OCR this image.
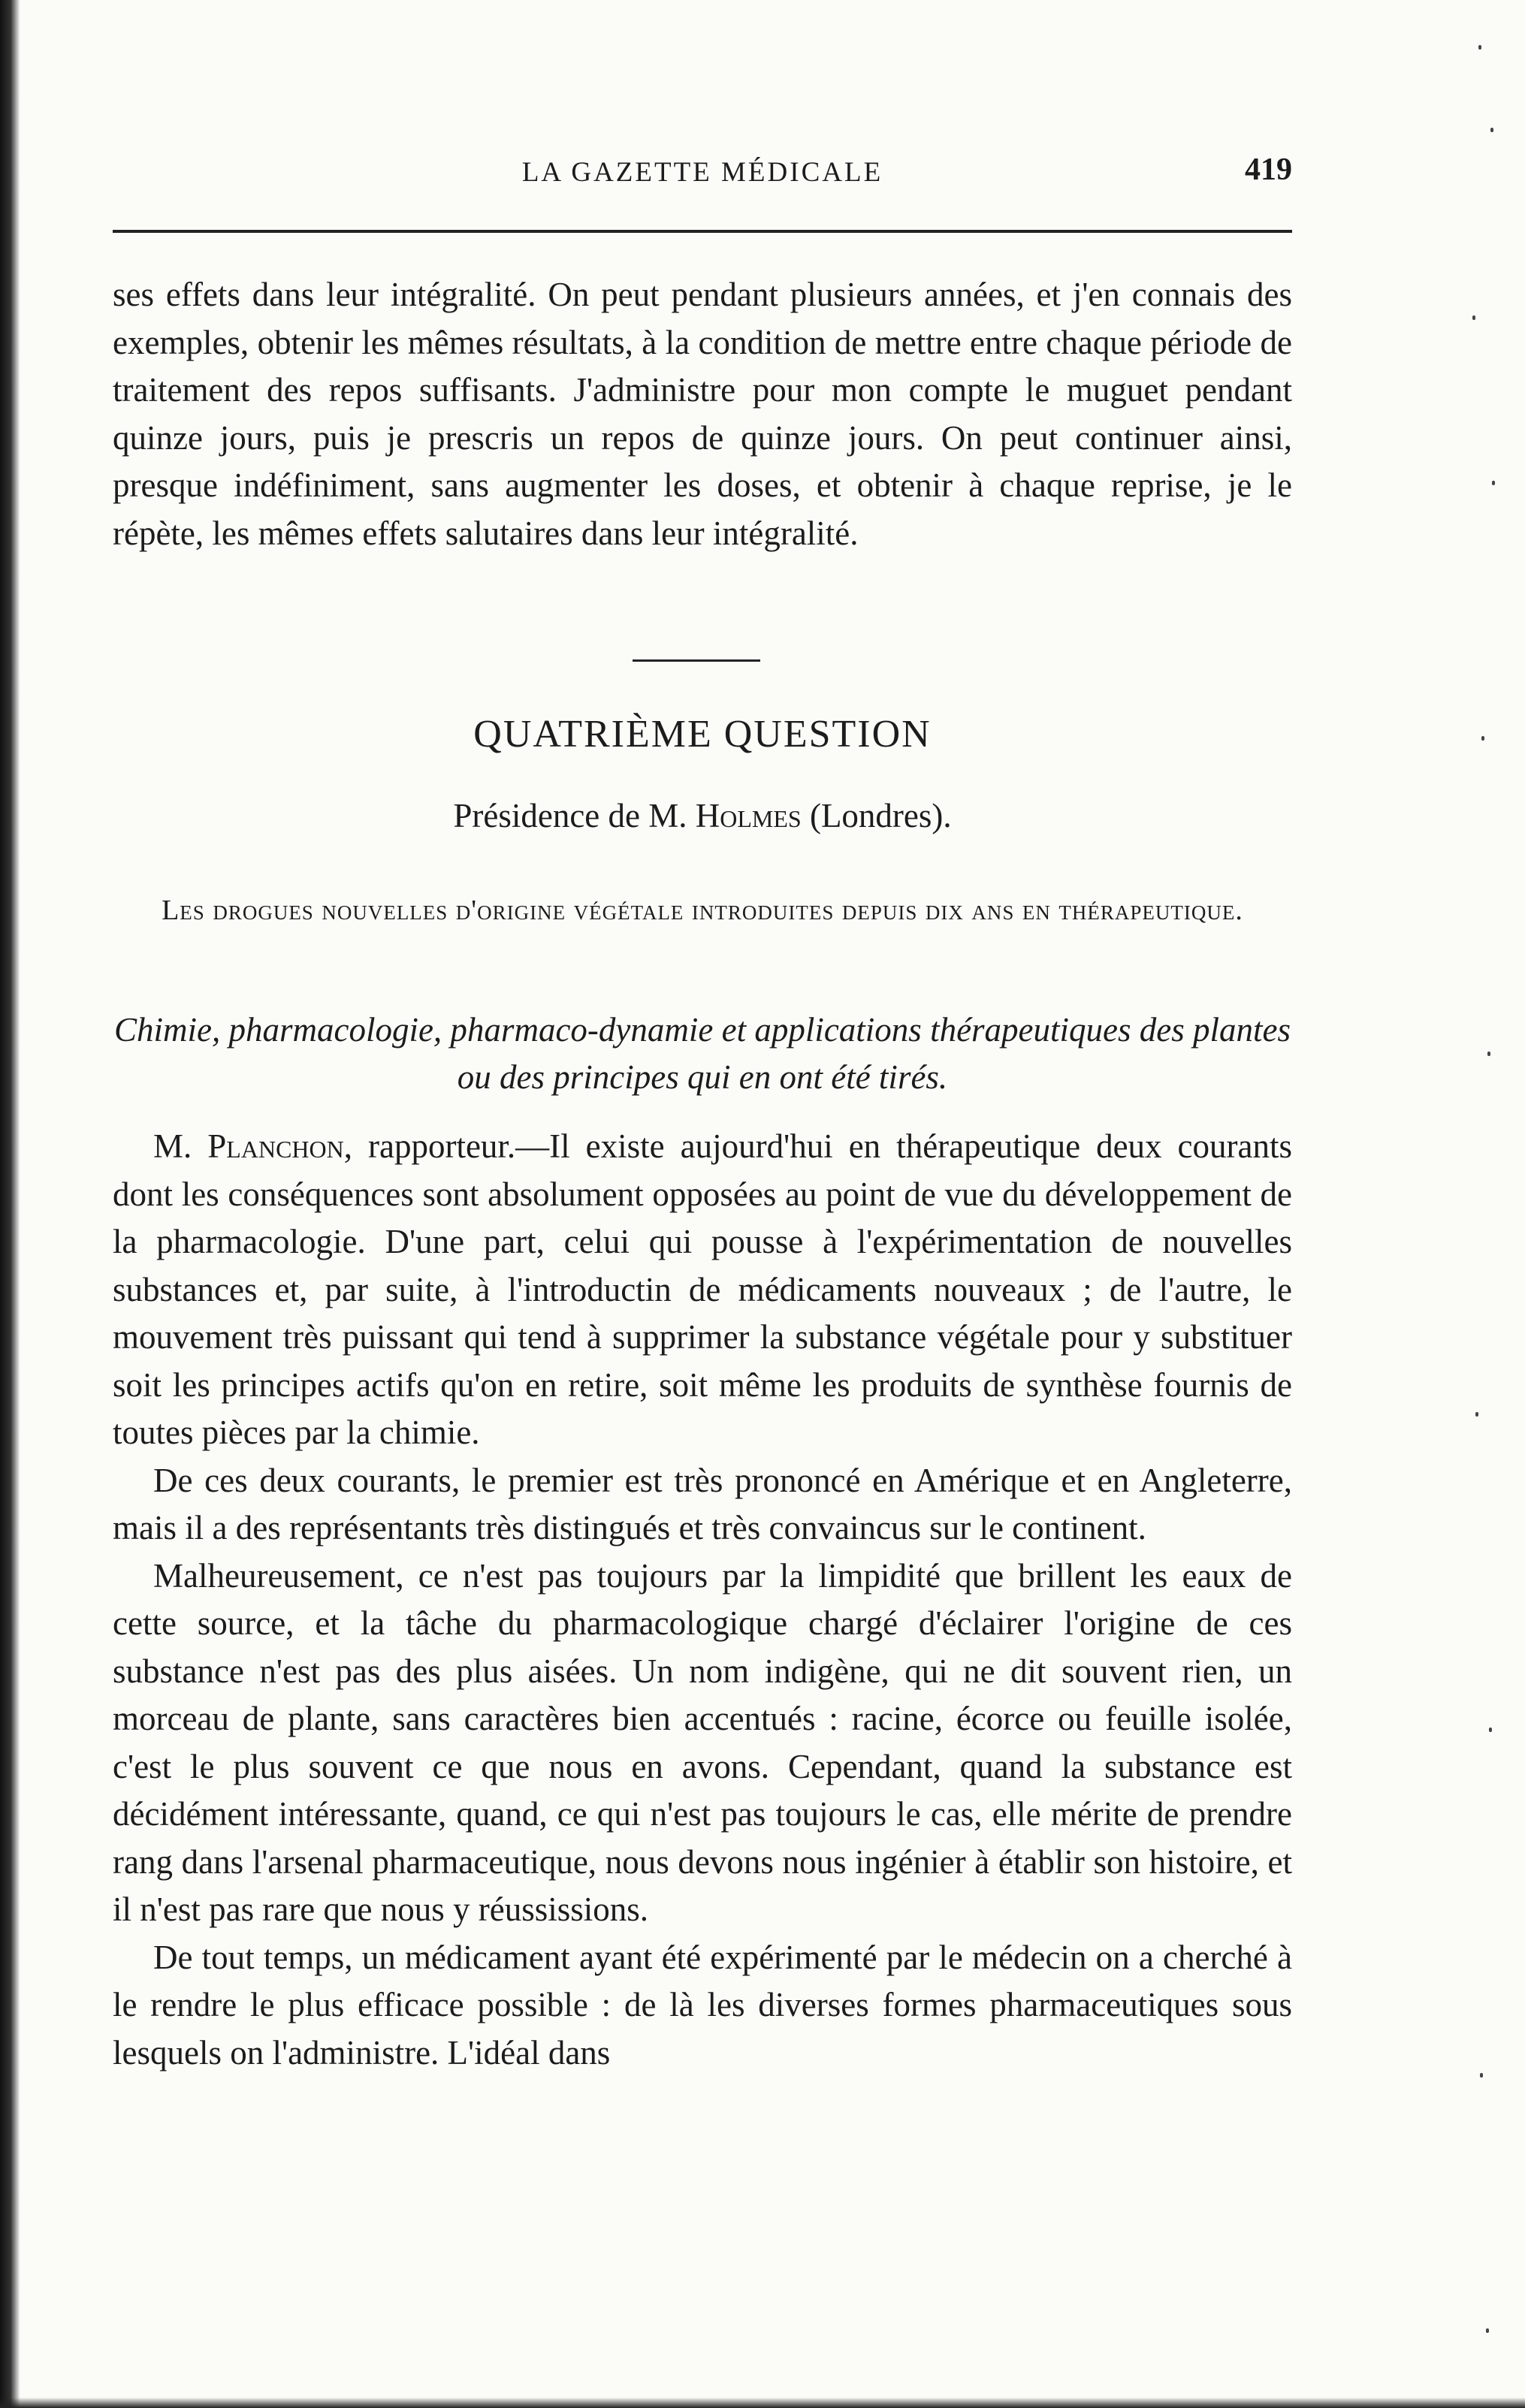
LA GAZETTE MÉDICALE	419

ses effets dans leur intégralité. On peut pendant plusieurs années, et j'en connais des exemples, obtenir les mêmes résultats, à la condition de mettre entre chaque période de traitement des repos suffisants. J'administre pour mon compte le muguet pendant quinze jours, puis je prescris un repos de quinze jours. On peut continuer ainsi, presque indéfiniment, sans augmenter les doses, et obtenir à chaque reprise, je le répète, les mêmes effets salutaires dans leur intégralité.

QUATRIÈME QUESTION
Présidence de M. Holmes (Londres).
Les drogues nouvelles d'origine végétale introduites depuis dix ans en thérapeutique.
Chimie, pharmacologie, pharmaco-dynamie et applications thérapeutiques des plantes ou des principes qui en ont été tirés.

M. Planchon, rapporteur.—Il existe aujourd'hui en thérapeutique deux courants dont les conséquences sont absolument opposées au point de vue du développement de la pharmacologie. D'une part, celui qui pousse à l'expérimentation de nouvelles substances et, par suite, à l'introductin de médicaments nouveaux ; de l'autre, le mouvement très puissant qui tend à supprimer la substance végétale pour y substituer soit les principes actifs qu'on en retire, soit même les produits de synthèse fournis de toutes pièces par la chimie.

De ces deux courants, le premier est très prononcé en Amérique et en Angleterre, mais il a des représentants très distingués et très convaincus sur le continent.

Malheureusement, ce n'est pas toujours par la limpidité que brillent les eaux de cette source, et la tâche du pharmacologique chargé d'éclairer l'origine de ces substance n'est pas des plus aisées. Un nom indigène, qui ne dit souvent rien, un morceau de plante, sans caractères bien accentués : racine, écorce ou feuille isolée, c'est le plus souvent ce que nous en avons. Cependant, quand la substance est décidément intéressante, quand, ce qui n'est pas toujours le cas, elle mérite de prendre rang dans l'arsenal pharmaceutique, nous devons nous ingénier à établir son histoire, et il n'est pas rare que nous y réussissions.

De tout temps, un médicament ayant été expérimenté par le médecin on a cherché à le rendre le plus efficace possible : de là les diverses formes pharmaceutiques sous lesquels on l'administre. L'idéal dans
